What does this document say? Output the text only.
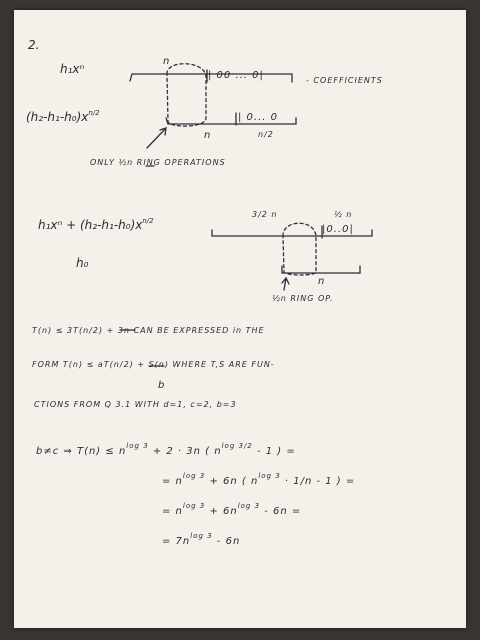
2.
h₁xⁿ
$(h_2-h_1-h_0)x^{n/2}$
n
| 00 ... 0|	- COEFFICIENTS
n
| 0... 0
n/2
ONLY ½n RING OPERATIONS
$h_1x^n + (h_2-h_1-h_0)x^{n/2}$
h₀
3/2 n	½ n
|0..0|
n
½n RING OP.
T(n) ≤ 3T(n/2) + 3n CAN BE EXPRESSED in THE
FORM T(n) ≤ aT(n/2) + S(n) WHERE T,S ARE FUN-
b
CTIONS FROM Q 3.1 WITH d=1, c=2, b=3
b≠c ⇒ $T(n) \le n^{log 3} + 2 \cdot 3n$ ( $n^{log 3/2} - 1$ ) =
= $n^{log 3} + 6n$ ( $n^{log 3} \cdot 1/n - 1$ ) =
= $n^{log 3} + 6n^{log 3} - 6n$ =
= $7n^{log 3} - 6n$
